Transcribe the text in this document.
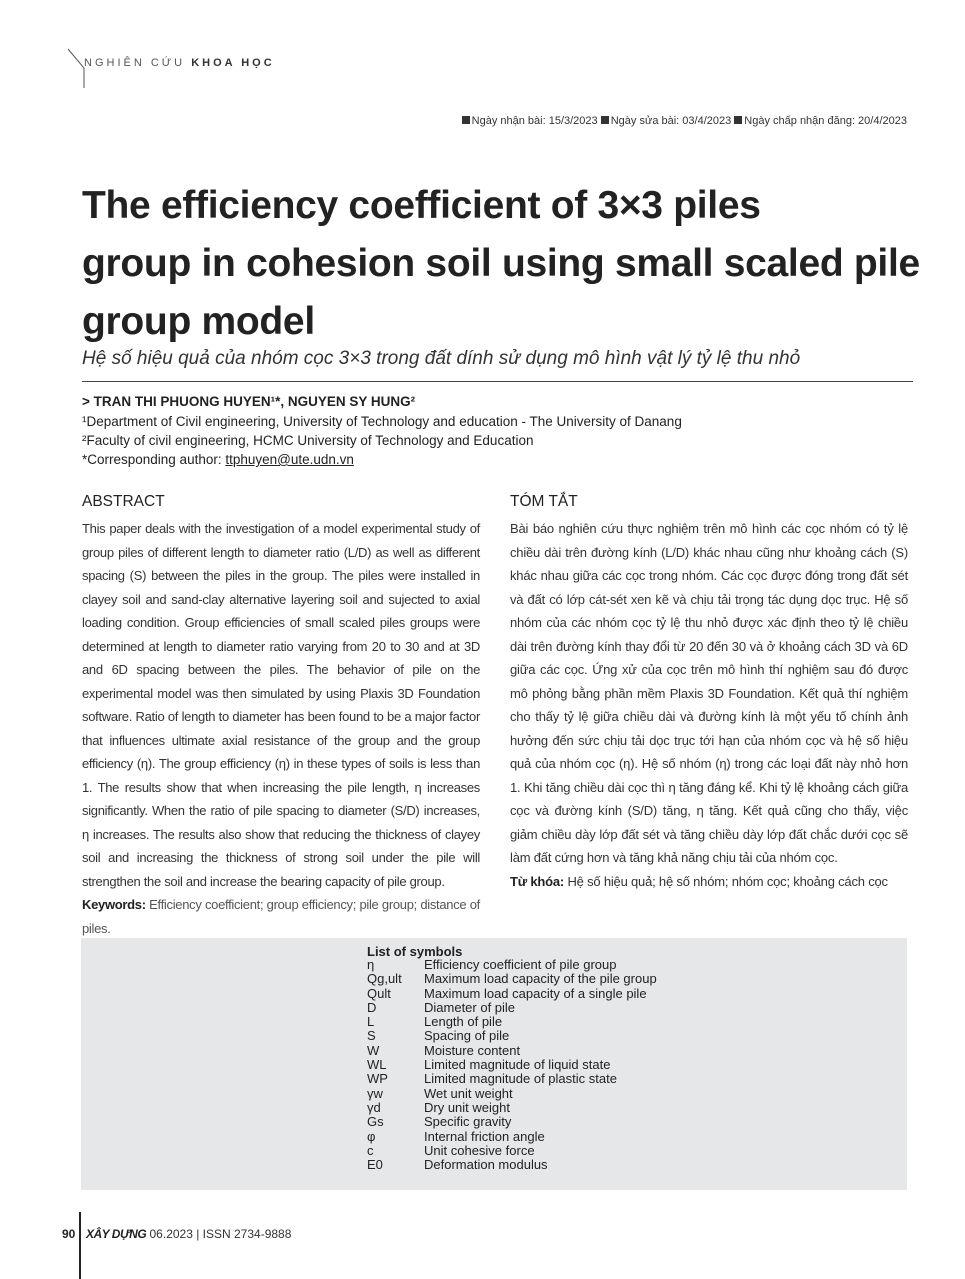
NGHIÊN CỨU KHOA HỌC
Ngày nhận bài: 15/3/2023 Ngày sửa bài: 03/4/2023 Ngày chấp nhận đăng: 20/4/2023
The efficiency coefficient of 3×3 piles
group in cohesion soil using small scaled pile
group model
Hệ số hiệu quả của nhóm cọc 3×3 trong đất dính sử dụng mô hình vật lý tỷ lệ thu nhỏ
> TRAN THI PHUONG HUYEN¹*, NGUYEN SY HUNG²
¹Department of Civil engineering, University of Technology and education - The University of Danang
²Faculty of civil engineering, HCMC University of Technology and Education
*Corresponding author: ttphuyen@ute.udn.vn
ABSTRACT
This paper deals with the investigation of a model experimental study of group piles of different length to diameter ratio (L/D) as well as different spacing (S) between the piles in the group. The piles were installed in clayey soil and sand-clay alternative layering soil and sujected to axial loading condition. Group efficiencies of small scaled piles groups were determined at length to diameter ratio varying from 20 to 30 and at 3D and 6D spacing between the piles. The behavior of pile on the experimental model was then simulated by using Plaxis 3D Foundation software. Ratio of length to diameter has been found to be a major factor that influences ultimate axial resistance of the group and the group efficiency (η). The group efficiency (η) in these types of soils is less than 1. The results show that when increasing the pile length, η increases significantly. When the ratio of pile spacing to diameter (S/D) increases, η increases. The results also show that reducing the thickness of clayey soil and increasing the thickness of strong soil under the pile will strengthen the soil and increase the bearing capacity of pile group.
Keywords: Efficiency coefficient; group efficiency; pile group; distance of piles.
TÓM TẮT
Bài báo nghiên cứu thực nghiệm trên mô hình các cọc nhóm có tỷ lệ chiều dài trên đường kính (L/D) khác nhau cũng như khoảng cách (S) khác nhau giữa các cọc trong nhóm. Các cọc được đóng trong đất sét và đất có lớp cát-sét xen kẽ và chịu tải trọng tác dụng dọc trục. Hệ số nhóm của các nhóm cọc tỷ lệ thu nhỏ được xác định theo tỷ lệ chiều dài trên đường kính thay đổi từ 20 đến 30 và ở khoảng cách 3D và 6D giữa các cọc. Ứng xử của cọc trên mô hình thí nghiệm sau đó được mô phỏng bằng phần mềm Plaxis 3D Foundation. Kết quả thí nghiệm cho thấy tỷ lệ giữa chiều dài và đường kính là một yếu tố chính ảnh hưởng đến sức chịu tải dọc trục tới hạn của nhóm cọc và hệ số hiệu quả của nhóm cọc (η). Hệ số nhóm (η) trong các loại đất này nhỏ hơn 1. Khi tăng chiều dài cọc thì η tăng đáng kể. Khi tỷ lệ khoảng cách giữa cọc và đường kính (S/D) tăng, η tăng. Kết quả cũng cho thấy, việc giảm chiều dày lớp đất sét và tăng chiều dày lớp đất chắc dưới cọc sẽ làm đất cứng hơn và tăng khả năng chịu tải của nhóm cọc.
Từ khóa: Hệ số hiệu quả; hệ số nhóm; nhóm cọc; khoảng cách cọc
List of symbols
η	Efficiency coefficient of pile group
Qg,ult	Maximum load capacity of the pile group
Qult	Maximum load capacity of a single pile
D	Diameter of pile
L	Length of pile
S	Spacing of pile
W	Moisture content
WL	Limited magnitude of liquid state
WP	Limited magnitude of plastic state
γw	Wet unit weight
γd	Dry unit weight
Gs	Specific gravity
φ	Internal friction angle
c	Unit cohesive force
E0	Deformation modulus
90 XÂY DỰNG 06.2023 | ISSN 2734-9888
